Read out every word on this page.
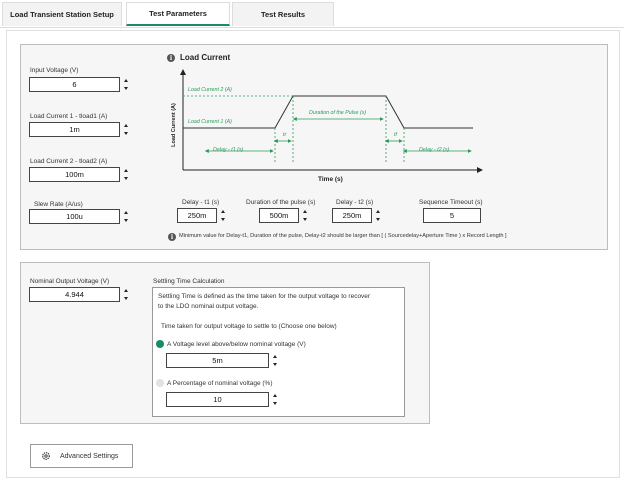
Load Transient Station Setup	Test Parameters	Test Results
Input Voltage (V)
6
Load Current 1 - tload1 (A)
1m
Load Current 2 - tload2 (A)
100m
Slew Rate (A/us)
100u
i Load Current
Load Current (A)
Time (s)
Load Current 2 (A)
Load Current 1 (A)
Duration of the Pulse (s)
Delay - t1 (s)	Delay - t2 (s)
tr	tf
Delay - t1 (s)
250m
Duration of the pulse (s)
500m
Delay - t2 (s)
250m
Sequence Timeout (s)
5
i	Minimum value for Delay-t1, Duration of the pulse, Delay-t2 should be larger than [ ( Sourcedelay+Aperture Time ) x Record Length ]
Nominal Output Voltage (V)
4.944
Settling Time Calculation
Settling Time is defined as the time taken for the output voltage to recover
to the LDO nominal output voltage.
Time taken for output voltage to settle to (Choose one below)
A Voltage level above/below nominal voltage (V)
5m
A Percentage of nominal voltage (%)
10
Advanced Settings
